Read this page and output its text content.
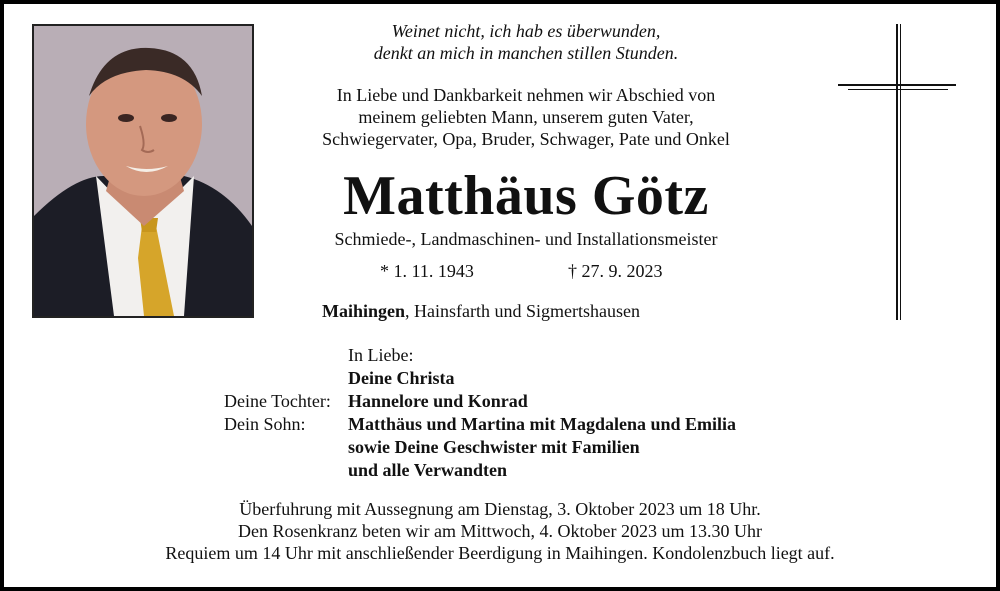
Weinet nicht, ich hab es überwunden,
denkt an mich in manchen stillen Stunden.
In Liebe und Dankbarkeit nehmen wir Abschied von
meinem geliebten Mann, unserem guten Vater,
Schwiegervater, Opa, Bruder, Schwager, Pate und Onkel
Matthäus Götz
Schmiede-, Landmaschinen- und Installationsmeister
* 1. 11. 1943	† 27. 9. 2023
Maihingen, Hainsfarth und Sigmertshausen
In Liebe:
Deine Christa
Deine Tochter: Hannelore und Konrad
Dein Sohn:	Matthäus und Martina mit Magdalena und Emilia
sowie Deine Geschwister mit Familien
und alle Verwandten
Überfuhrung mit Aussegnung am Dienstag, 3. Oktober 2023 um 18 Uhr.
Den Rosenkranz beten wir am Mittwoch, 4. Oktober 2023 um 13.30 Uhr
Requiem um 14 Uhr mit anschließender Beerdigung in Maihingen. Kondolenzbuch liegt auf.
